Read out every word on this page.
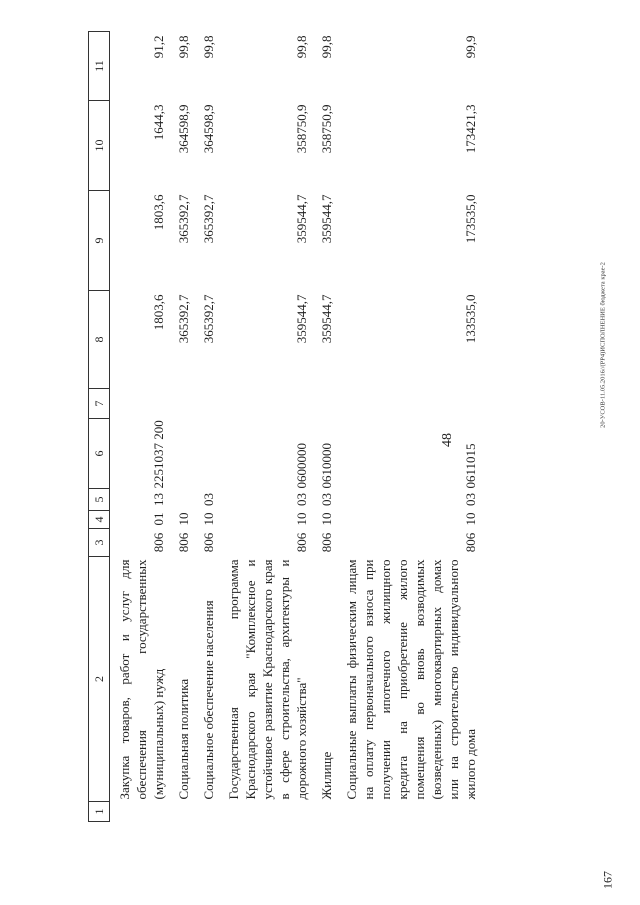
48
20-УСОВ-11.05.2016//(PP4)ИСПОЛНЕНИЕ бюджета крае-2
167
1	2	3	4	5	6	7	8	9	10	11
	Закупка товаров, работ и услуг для обеспечения государственных (муниципальных) нужд	806	01	13	2251037 200		1803,6	1803,6	1644,3	91,2
	Социальная политика	806	10				365392,7	365392,7	364598,9	99,8
	Социальное обеспечение населения	806	10	03			365392,7	365392,7	364598,9	99,8
	Государственная программа Краснодарского края "Комплексное и устойчивое развитие Краснодарского края в сфере строительства, архитектуры и дорожного хозяйства"	806	10	03	0600000		359544,7	359544,7	358750,9	99,8
	Жилище	806	10	03	0610000		359544,7	359544,7	358750,9	99,8
	Социальные выплаты физическим лицам на оплату первоначального взноса при получении ипотечного жилищного кредита на приобретение жилого помещения во вновь возводимых (возведенных) многоквартирных домах или на строительство индивидуального жилого дома	806	10	03	0611015		133535,0	173535,0	173421,3	99,9
